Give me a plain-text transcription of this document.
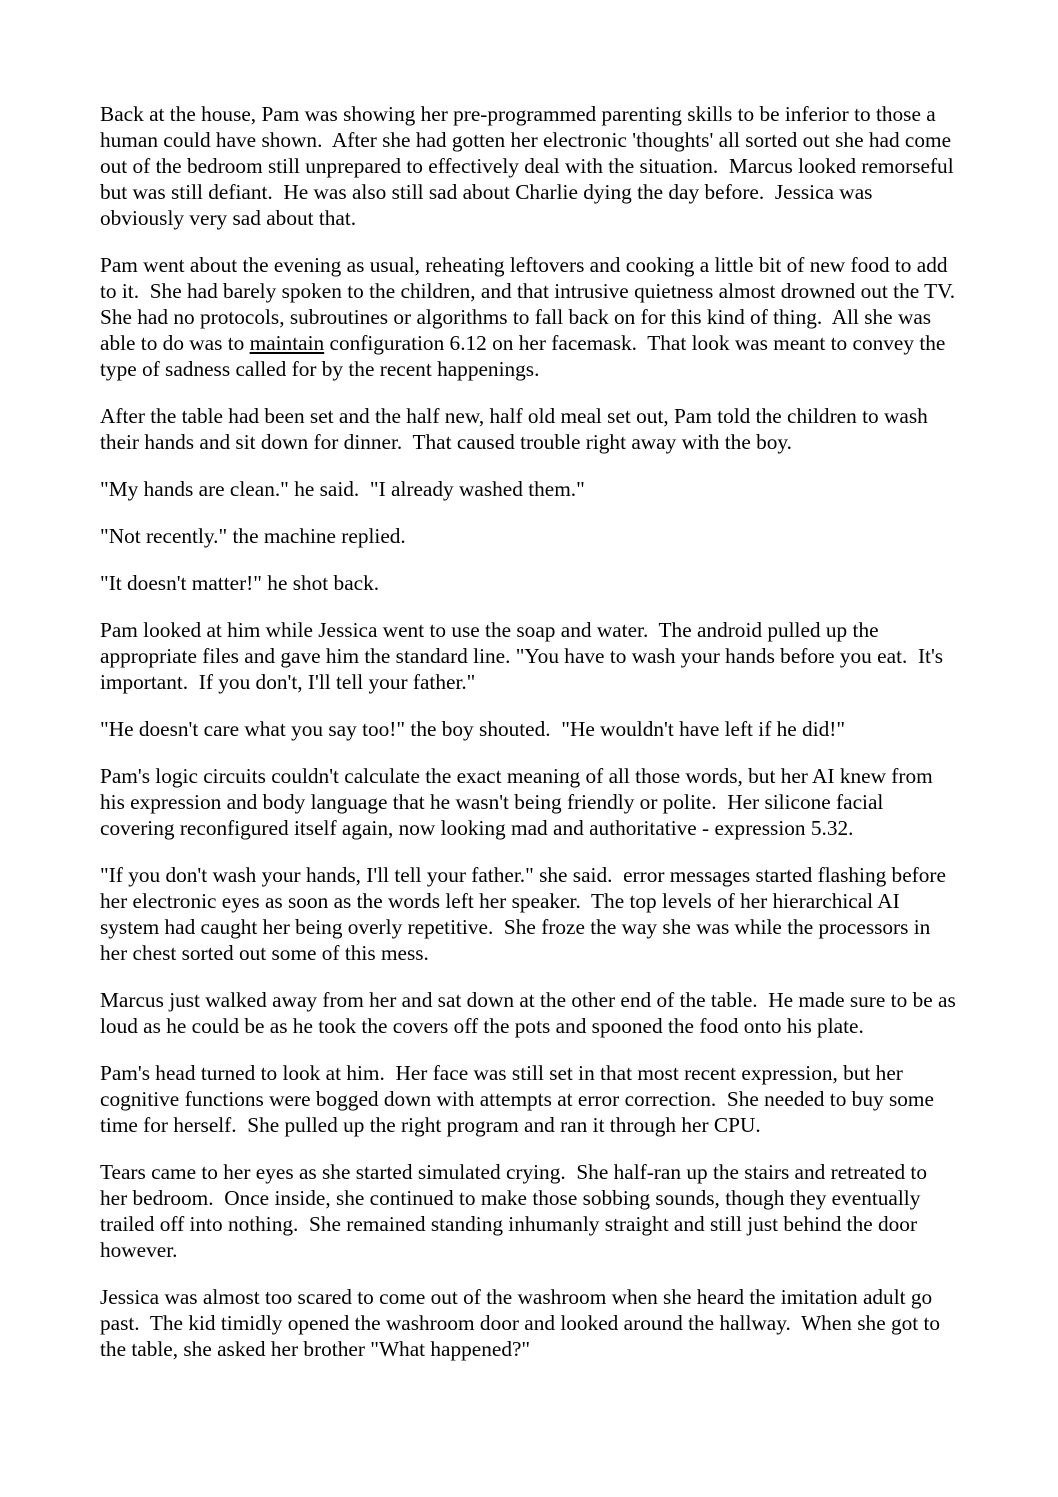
Back at the house, Pam was showing her pre-programmed parenting skills to be inferior to those a human could have shown.  After she had gotten her electronic 'thoughts' all sorted out she had come out of the bedroom still unprepared to effectively deal with the situation.  Marcus looked remorseful but was still defiant.  He was also still sad about Charlie dying the day before.  Jessica was obviously very sad about that.

Pam went about the evening as usual, reheating leftovers and cooking a little bit of new food to add to it.  She had barely spoken to the children, and that intrusive quietness almost drowned out the TV.  She had no protocols, subroutines or algorithms to fall back on for this kind of thing.  All she was able to do was to maintain configuration 6.12 on her facemask.  That look was meant to convey the type of sadness called for by the recent happenings.

After the table had been set and the half new, half old meal set out, Pam told the children to wash their hands and sit down for dinner.  That caused trouble right away with the boy.

"My hands are clean." he said.  "I already washed them."

"Not recently." the machine replied.

"It doesn't matter!" he shot back.

Pam looked at him while Jessica went to use the soap and water.  The android pulled up the appropriate files and gave him the standard line. "You have to wash your hands before you eat.  It's important.  If you don't, I'll tell your father."

"He doesn't care what you say too!" the boy shouted.  "He wouldn't have left if he did!"

Pam's logic circuits couldn't calculate the exact meaning of all those words, but her AI knew from his expression and body language that he wasn't being friendly or polite.  Her silicone facial covering reconfigured itself again, now looking mad and authoritative - expression 5.32.

"If you don't wash your hands, I'll tell your father." she said.  error messages started flashing before her electronic eyes as soon as the words left her speaker.  The top levels of her hierarchical AI system had caught her being overly repetitive.  She froze the way she was while the processors in her chest sorted out some of this mess.

Marcus just walked away from her and sat down at the other end of the table.  He made sure to be as loud as he could be as he took the covers off the pots and spooned the food onto his plate.

Pam's head turned to look at him.  Her face was still set in that most recent expression, but her cognitive functions were bogged down with attempts at error correction.  She needed to buy some time for herself.  She pulled up the right program and ran it through her CPU.

Tears came to her eyes as she started simulated crying.  She half-ran up the stairs and retreated to her bedroom.  Once inside, she continued to make those sobbing sounds, though they eventually trailed off into nothing.  She remained standing inhumanly straight and still just behind the door however.

Jessica was almost too scared to come out of the washroom when she heard the imitation adult go past.  The kid timidly opened the washroom door and looked around the hallway.  When she got to the table, she asked her brother "What happened?"
